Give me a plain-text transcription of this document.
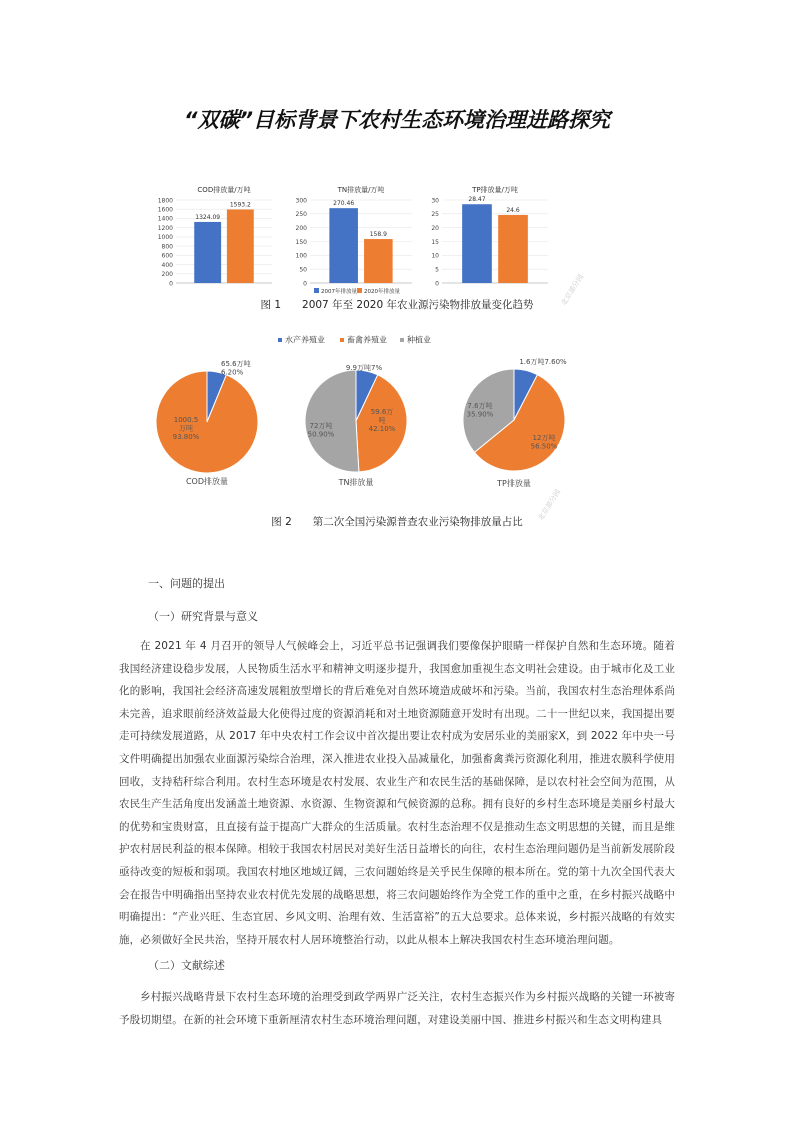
“双碳”目标背景下农村生态环境治理进路探究
COD排放量/万吨
0
200
400
600
800
1000
1200
1400
1600
1800
1324.09
1593.2
TN排放量/万吨
0
50
100
150
200
250
300	270.46
158.9
TP排放量/万吨
0
5
10
15
20
25
30	28.47
24.6
2007年排放量 2020年排放量
水产养殖业	畜禽养殖业	种植业
65.6万吨 6.20%
1000.5 万吨 93.80%
COD排放量
9.9万吨7%
59.6万吨 42.10%
72万吨 50.90%
TN排放量
1.6万吨7.60%
12万吨 56.50%
7.6万吨 35.90%
TP排放量
图 1　　2007 年至 2020 年农业源污染物排放量变化趋势	北京部分园
图 2　　第二次全国污染源普查农业污染物排放量占比
北京部分园
一、问题的提出
（一）研究背景与意义

在 2021 年 4 月召开的领导人气候峰会上，习近平总书记强调我们要像保护眼睛一样保护自然和生态环境。随着我国经济建设稳步发展，人民物质生活水平和精神文明逐步提升，我国愈加重视生态文明社会建设。由于城市化及工业化的影响，我国社会经济高速发展粗放型增长的背后难免对自然环境造成破坏和污染。当前，我国农村生态治理体系尚未完善，追求眼前经济效益最大化使得过度的资源消耗和对土地资源随意开发时有出现。二十一世纪以来，我国提出要走可持续发展道路，从 2017 年中央农村工作会议中首次提出要让农村成为安居乐业的美丽家X，到 2022 年中央一号文件明确提出加强农业面源污染综合治理，深入推进农业投入品减量化，加强畜禽粪污资源化利用，推进农膜科学使用回收，支持秸秆综合利用。农村生态环境是农村发展、农业生产和农民生活的基础保障，是以农村社会空间为范围，从农民生产生活角度出发涵盖土地资源、水资源、生物资源和气候资源的总称。拥有良好的乡村生态环境是美丽乡村最大的优势和宝贵财富，且直接有益于提高广大群众的生活质量。农村生态治理不仅是推动生态文明思想的关键，而且是维护农村居民利益的根本保障。相较于我国农村居民对美好生活日益增长的向往，农村生态治理问题仍是当前新发展阶段亟待改变的短板和弱项。我国农村地区地域辽阔，三农问题始终是关乎民生保障的根本所在。党的第十九次全国代表大会在报告中明确指出坚持农业农村优先发展的战略思想，将三农问题始终作为全党工作的重中之重，在乡村振兴战略中明确提出：“产业兴旺、生态宜居、乡风文明、治理有效、生活富裕”的五大总要求。总体来说，乡村振兴战略的有效实施，必须做好全民共治，坚持开展农村人居环境整治行动，以此从根本上解决我国农村生态环境治理问题。

（二）文献综述

乡村振兴战略背景下农村生态环境的治理受到政学两界广泛关注，农村生态振兴作为乡村振兴战略的关键一环被寄予殷切期望。在新的社会环境下重新厘清农村生态环境治理问题，对建设美丽中国、推进乡村振兴和生态文明构建具
